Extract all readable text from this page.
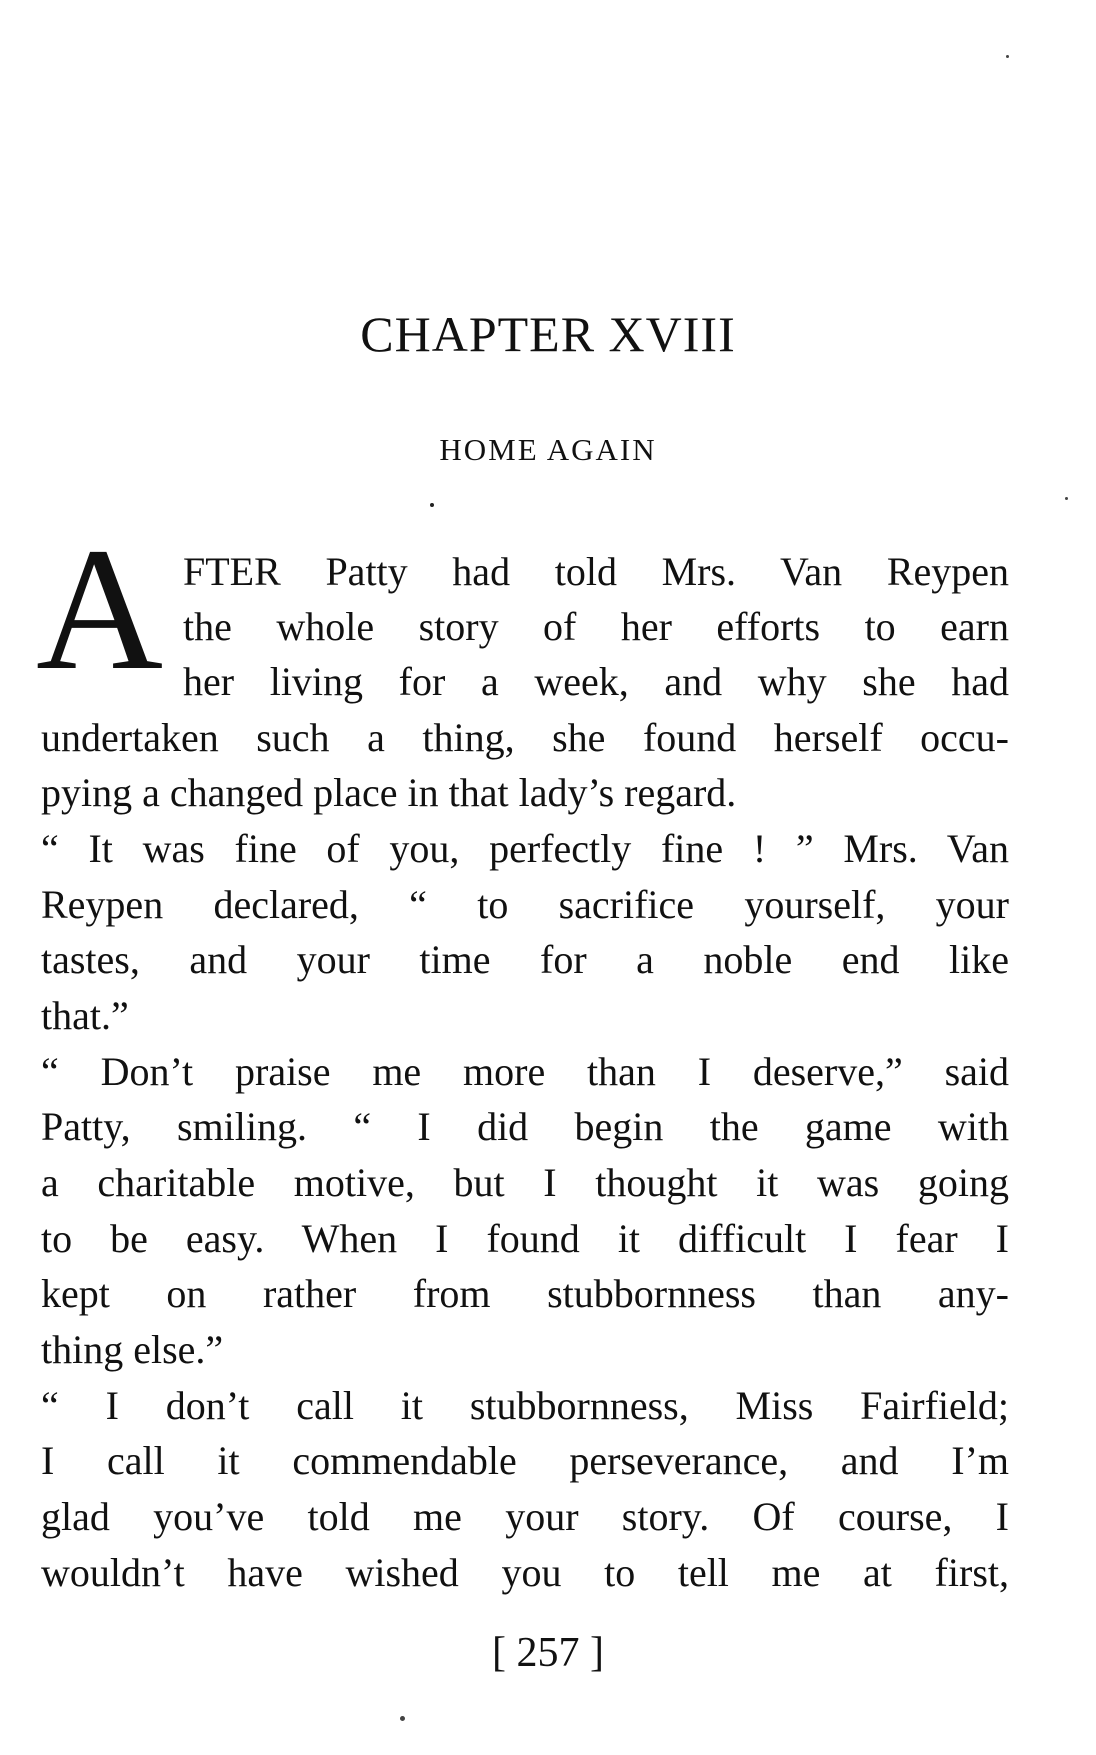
CHAPTER XVIII
HOME AGAIN
A FTER Patty had told Mrs. Van Reypen
the whole story of her efforts to earn
her living for a week, and why she had
undertaken such a thing, she found herself occu-
pying a changed place in that lady’s regard.
“ It was fine of you, perfectly fine ! ” Mrs. Van
Reypen declared, “ to sacrifice yourself, your
tastes, and your time for a noble end like
that.”
“ Don’t praise me more than I deserve,” said
Patty, smiling. “ I did begin the game with
a charitable motive, but I thought it was going
to be easy. When I found it difficult I fear I
kept on rather from stubbornness than any-
thing else.”
“ I don’t call it stubbornness, Miss Fairfield;
I call it commendable perseverance, and I’m
glad you’ve told me your story. Of course, I
wouldn’t have wished you to tell me at first,
[ 257 ]
